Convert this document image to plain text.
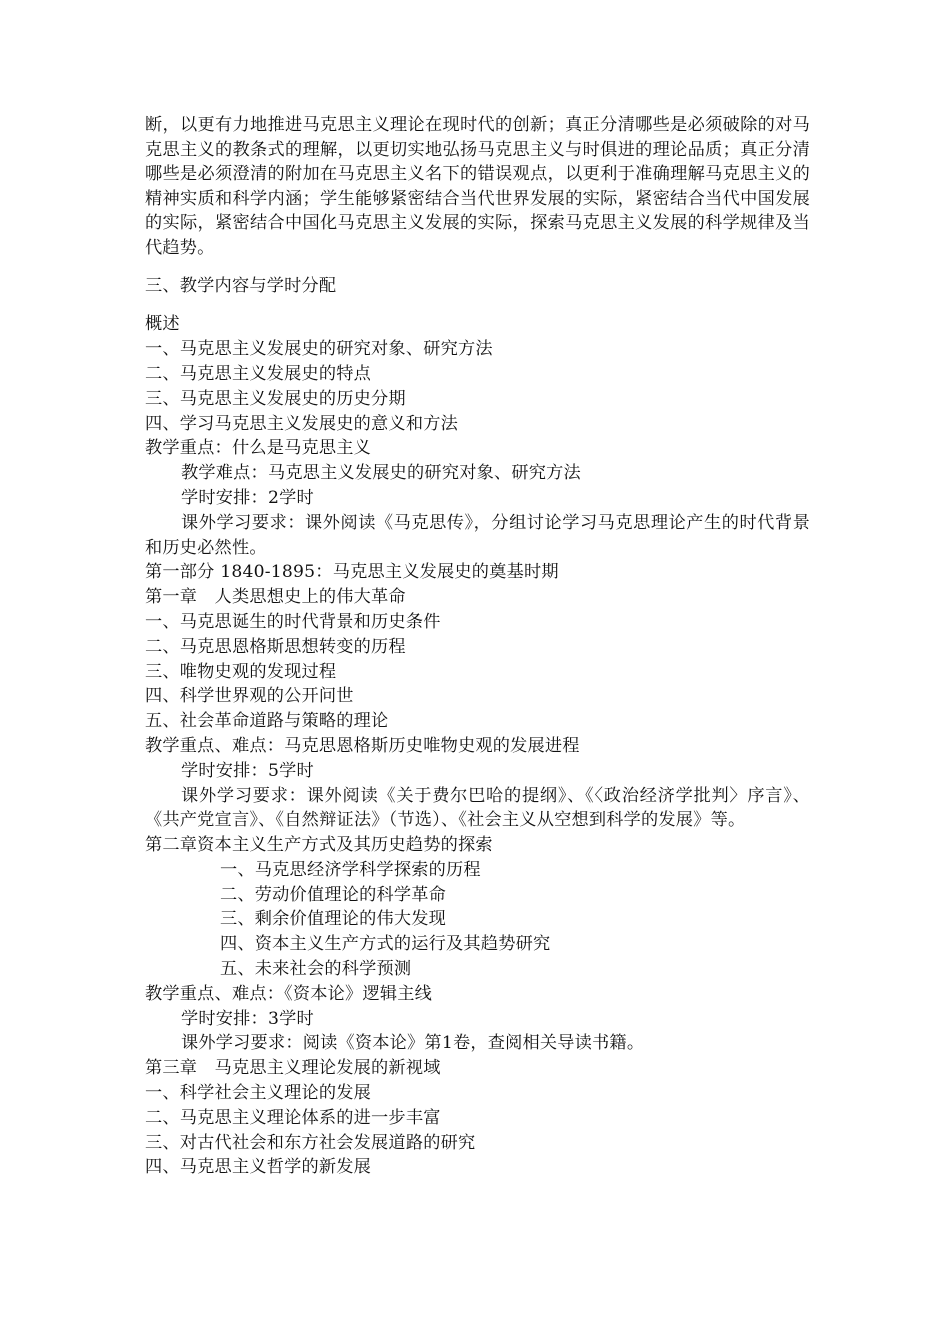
断，以更有力地推进马克思主义理论在现时代的创新；真正分清哪些是必须破除的对马克思主义的教条式的理解，以更切实地弘扬马克思主义与时俱进的理论品质；真正分清哪些是必须澄清的附加在马克思主义名下的错误观点，以更利于准确理解马克思主义的精神实质和科学内涵；学生能够紧密结合当代世界发展的实际，紧密结合当代中国发展的实际，紧密结合中国化马克思主义发展的实际，探索马克思主义发展的科学规律及当代趋势。

三、教学内容与学时分配

概述

一、马克思主义发展史的研究对象、研究方法

二、马克思主义发展史的特点

三、马克思主义发展史的历史分期

四、学习马克思主义发展史的意义和方法

教学重点：什么是马克思主义

教学难点：马克思主义发展史的研究对象、研究方法

学时安排：2学时

课外学习要求：课外阅读《马克思传》，分组讨论学习马克思理论产生的时代背景和历史必然性。

第一部分 1840-1895：马克思主义发展史的奠基时期

第一章　人类思想史上的伟大革命

一、马克思诞生的时代背景和历史条件

二、马克思恩格斯思想转变的历程

三、唯物史观的发现过程

四、科学世界观的公开问世

五、社会革命道路与策略的理论

教学重点、难点：马克思恩格斯历史唯物史观的发展进程

学时安排：5学时

课外学习要求：课外阅读《关于费尔巴哈的提纲》、《〈政治经济学批判〉序言》、《共产党宣言》、《自然辩证法》（节选）、《社会主义从空想到科学的发展》等。

第二章资本主义生产方式及其历史趋势的探索

一、马克思经济学科学探索的历程

二、劳动价值理论的科学革命

三、剩余价值理论的伟大发现

四、资本主义生产方式的运行及其趋势研究

五、未来社会的科学预测

教学重点、难点：《资本论》逻辑主线

学时安排：3学时

课外学习要求：阅读《资本论》第1卷，查阅相关导读书籍。

第三章　马克思主义理论发展的新视域

一、科学社会主义理论的发展

二、马克思主义理论体系的进一步丰富

三、对古代社会和东方社会发展道路的研究

四、马克思主义哲学的新发展
